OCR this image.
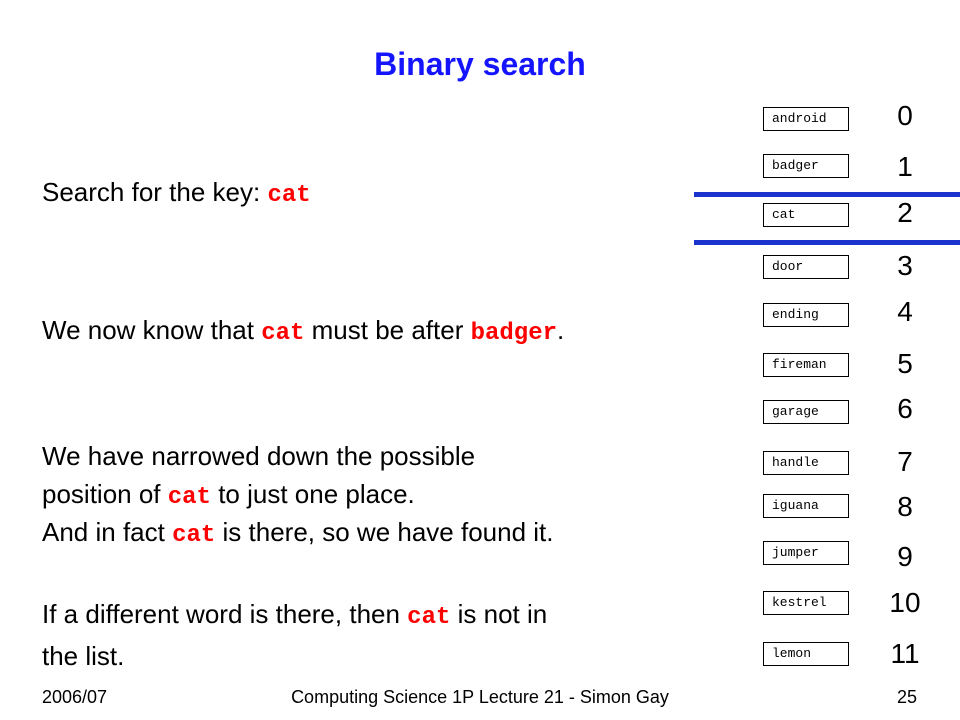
Binary search
Search for the key: cat
We now know that cat must be after badger.
We have narrowed down the possible
position of cat to just one place.
And in fact cat is there, so we have found it.
If a different word is there, then cat is not in
the list.
android
badger
cat
door
ending
fireman
garage
handle
iguana
jumper
kestrel
lemon
0
1
2
3
4
5
6
7
8
9
10
11
2006/07	Computing Science 1P Lecture 21 - Simon Gay	25
